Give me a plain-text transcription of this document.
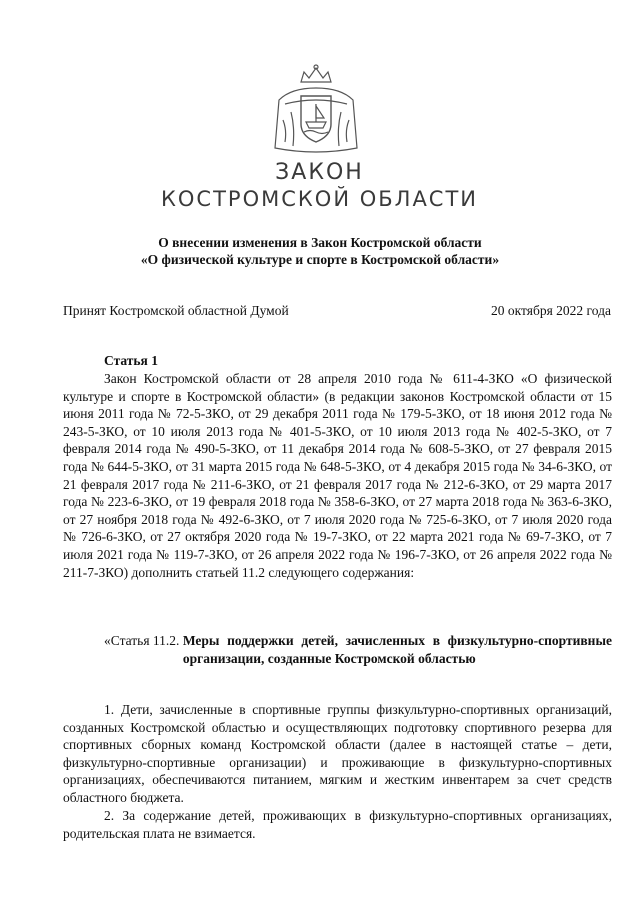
ЗАКОН
КОСТРОМСКОЙ ОБЛАСТИ
О внесении изменения в Закон Костромской области
«О физической культуре и спорте в Костромской области»
Принят Костромской областной Думой	20 октября 2022 года
Статья 1

Закон Костромской области от 28 апреля 2010 года № 611-4-ЗКО «О физической культуре и спорте в Костромской области» (в редакции законов Костромской области от 15 июня 2011 года № 72-5-ЗКО, от 29 декабря 2011 года № 179-5-ЗКО, от 18 июня 2012 года № 243-5-ЗКО, от 10 июля 2013 года № 401-5-ЗКО, от 10 июля 2013 года № 402-5-ЗКО, от 7 февраля 2014 года № 490-5-ЗКО, от 11 декабря 2014 года № 608-5-ЗКО, от 27 февраля 2015 года № 644-5-ЗКО, от 31 марта 2015 года № 648-5-ЗКО, от 4 декабря 2015 года № 34-6-ЗКО, от 21 февраля 2017 года № 211-6-ЗКО, от 21 февраля 2017 года № 212-6-ЗКО, от 29 марта 2017 года № 223-6-ЗКО, от 19 февраля 2018 года № 358-6-ЗКО, от 27 марта 2018 года № 363-6-ЗКО, от 27 ноября 2018 года № 492-6-ЗКО, от 7 июля 2020 года № 725-6-ЗКО, от 7 июля 2020 года № 726-6-ЗКО, от 27 октября 2020 года № 19-7-ЗКО, от 22 марта 2021 года № 69-7-ЗКО, от 7 июля 2021 года № 119-7-ЗКО, от 26 апреля 2022 года № 196-7-ЗКО, от 26 апреля 2022 года № 211-7-ЗКО) дополнить статьей 11.2 следующего содержания:

«Статья 11.2.
Меры поддержки детей, зачисленных в физкультурно-спортивные организации, созданные Костромской областью

1. Дети, зачисленные в спортивные группы физкультурно-спортивных организаций, созданных Костромской областью и осуществляющих подготовку спортивного резерва для спортивных сборных команд Костромской области (далее в настоящей статье – дети, физкультурно-спортивные организации) и проживающие в физкультурно-спортивных организациях, обеспечиваются питанием, мягким и жестким инвентарем за счет средств областного бюджета.

2. За содержание детей, проживающих в физкультурно-спортивных организациях, родительская плата не взимается.
